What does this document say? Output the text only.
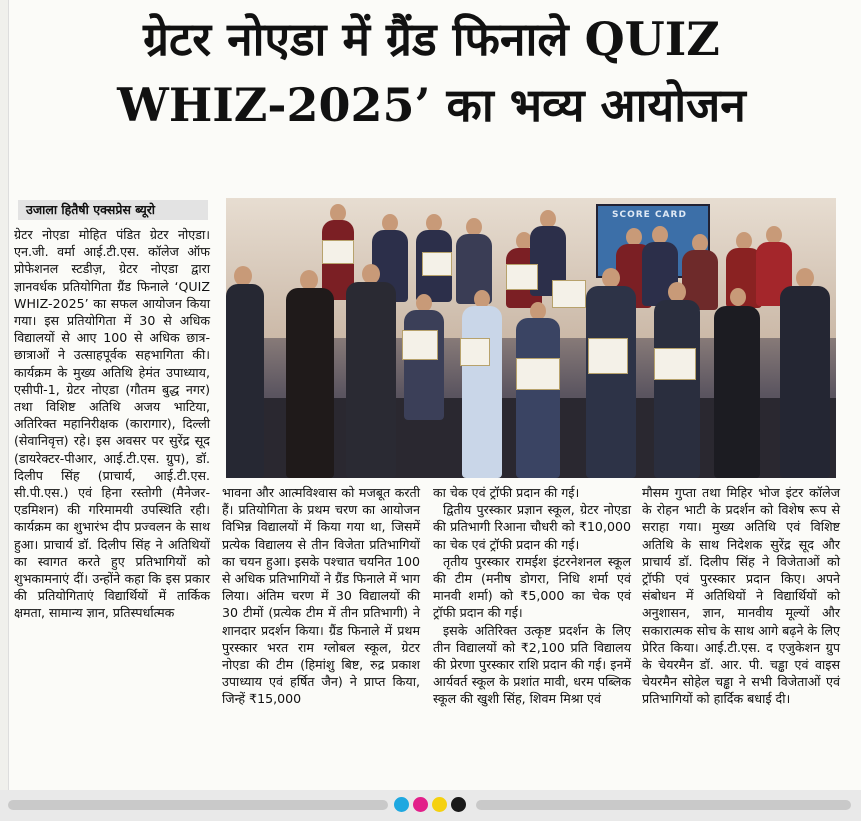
ग्रेटर नोएडा में ग्रैंड फिनाले QUIZ
WHIZ-2025’ का भव्य आयोजन
उजाला हितैषी एक्सप्रेस ब्यूरो

ग्रेटर नोएडा मोहित पंडित ग्रेटर नोएडा। एन.जी. वर्मा आई.टी.एस. कॉलेज ऑफ प्रोफेशनल स्टडीज़, ग्रेटर नोएडा द्वारा ज्ञानवर्धक प्रतियोगिता ग्रैंड फिनाले ‘QUIZ WHIZ-2025’ का सफल आयोजन किया गया। इस प्रतियोगिता में 30 से अधिक विद्यालयों से आए 100 से अधिक छात्र-छात्राओं ने उत्साहपूर्वक सहभागिता की। कार्यक्रम के मुख्य अतिथि हेमंत उपाध्याय, एसीपी-1, ग्रेटर नोएडा (गौतम बुद्ध नगर) तथा विशिष्ट अतिथि अजय भाटिया, अतिरिक्त महानिरीक्षक (कारागार), दिल्ली (सेवानिवृत्त) रहे। इस अवसर पर सुरेंद्र सूद (डायरेक्टर-पीआर, आई.टी.एस. ग्रुप), डॉ. दिलीप सिंह (प्राचार्य, आई.टी.एस. सी.पी.एस.) एवं हिना रस्तोगी (मैनेजर-एडमिशन) की गरिमामयी उपस्थिति रही। कार्यक्रम का शुभारंभ दीप प्रज्वलन के साथ हुआ। प्राचार्य डॉ. दिलीप सिंह ने अतिथियों का स्वागत करते हुए प्रतिभागियों को शुभकामनाएं दीं। उन्होंने कहा कि इस प्रकार की प्रतियोगिताएं विद्यार्थियों में तार्किक क्षमता, सामान्य ज्ञान, प्रतिस्पर्धात्मक

SCORE CARD

भावना और आत्मविश्वास को मजबूत करती हैं। प्रतियोगिता के प्रथम चरण का आयोजन विभिन्न विद्यालयों में किया गया था, जिसमें प्रत्येक विद्यालय से तीन विजेता प्रतिभागियों का चयन हुआ। इसके पश्चात चयनित 100 से अधिक प्रतिभागियों ने ग्रैंड फिनाले में भाग लिया। अंतिम चरण में 30 विद्यालयों की 30 टीमों (प्रत्येक टीम में तीन प्रतिभागी) ने शानदार प्रदर्शन किया। ग्रैंड फिनाले में प्रथम पुरस्कार भरत राम ग्लोबल स्कूल, ग्रेटर नोएडा की टीम (हिमांशु बिष्ट, रुद्र प्रकाश उपाध्याय एवं हर्षित जैन) ने प्राप्त किया, जिन्हें ₹15,000

का चेक एवं ट्रॉफी प्रदान की गई।

द्वितीय पुरस्कार प्रज्ञान स्कूल, ग्रेटर नोएडा की प्रतिभागी रिआना चौधरी को ₹10,000 का चेक एवं ट्रॉफी प्रदान की गई।

तृतीय पुरस्कार रामईश इंटरनेशनल स्कूल की टीम (मनीष डोगरा, निधि शर्मा एवं मानवी शर्मा) को ₹5,000 का चेक एवं ट्रॉफी प्रदान की गई।

इसके अतिरिक्त उत्कृष्ट प्रदर्शन के लिए तीन विद्यालयों को ₹2,100 प्रति विद्यालय की प्रेरणा पुरस्कार राशि प्रदान की गई। इनमें आर्यवर्त स्कूल के प्रशांत मावी, धरम पब्लिक स्कूल की खुशी सिंह, शिवम मिश्रा एवं

मौसम गुप्ता तथा मिहिर भोज इंटर कॉलेज के रोहन भाटी के प्रदर्शन को विशेष रूप से सराहा गया। मुख्य अतिथि एवं विशिष्ट अतिथि के साथ निदेशक सुरेंद्र सूद और प्राचार्य डॉ. दिलीप सिंह ने विजेताओं को ट्रॉफी एवं पुरस्कार प्रदान किए। अपने संबोधन में अतिथियों ने विद्यार्थियों को अनुशासन, ज्ञान, मानवीय मूल्यों और सकारात्मक सोच के साथ आगे बढ़ने के लिए प्रेरित किया। आई.टी.एस. द एजुकेशन ग्रुप के चेयरमैन डॉ. आर. पी. चड्ढा एवं वाइस चेयरमैन सोहेल चड्ढा ने सभी विजेताओं एवं प्रतिभागियों को हार्दिक बधाई दी।
